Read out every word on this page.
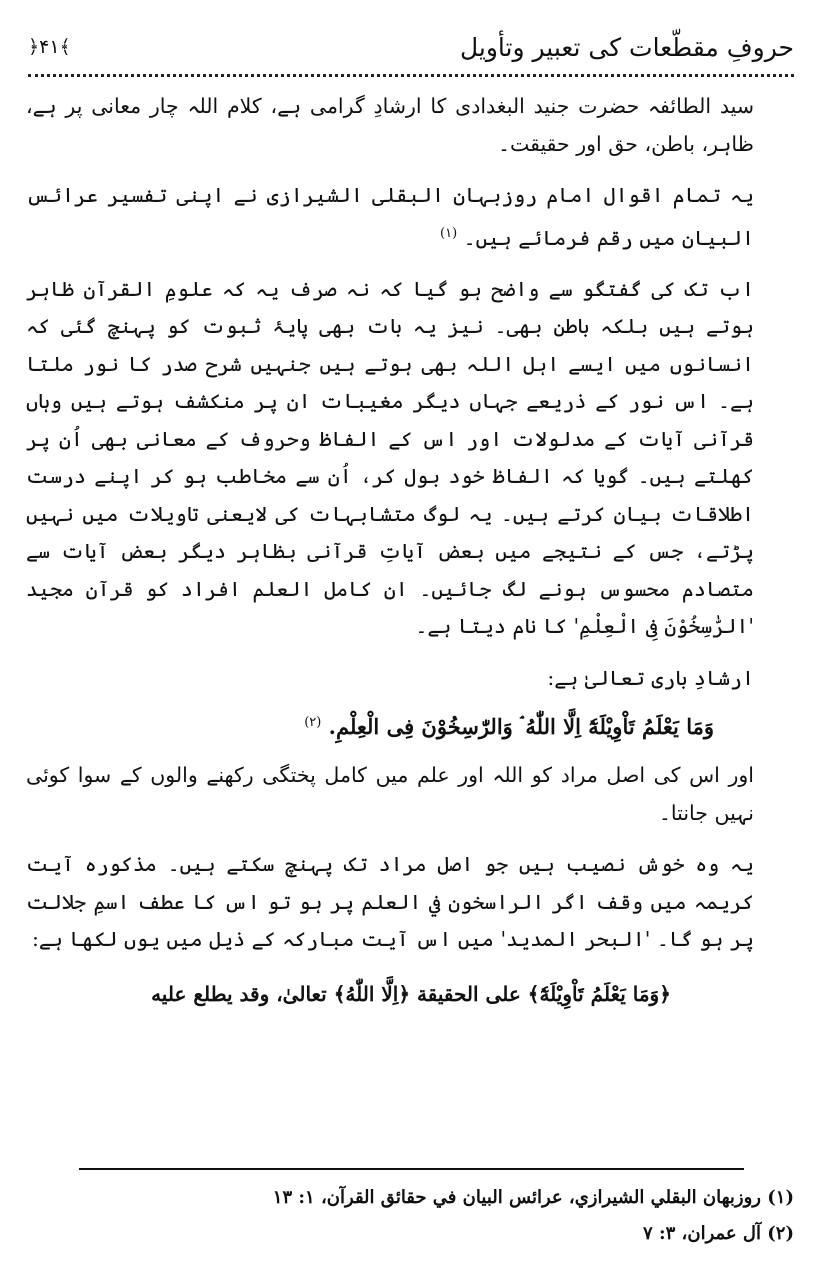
﴿۴۱﴾	حروفِ مقطّعات کی تعبیر وتأویل

سید الطائفہ حضرت جنید البغدادی کا ارشادِ گرامی ہے، کلام اللہ چار معانی پر ہے، ظاہر، باطن، حق اور حقیقت۔

یہ تمام اقوال امام روزبہان البقلی الشیرازی نے اپنی تفسیر عرائس البیان میں رقم فرمائے ہیں۔ $^{(۱)}$

اب تک کی گفتگو سے واضح ہو گیا کہ نہ صرف یہ کہ علومِ القرآن ظاہر ہوتے ہیں بلکہ باطن بھی۔ نیز یہ بات بھی پایۂ ثبوت کو پہنچ گئی کہ انسانوں میں ایسے اہل اللہ بھی ہوتے ہیں جنہیں شرح صدر کا نور ملتا ہے۔ اس نور کے ذریعے جہاں دیگر مغیبات ان پر منکشف ہوتے ہیں وہاں قرآنی آیات کے مدلولات اور اس کے الفاظ وحروف کے معانی بھی اُن پر کھلتے ہیں۔ گویا کہ الفاظ خود بول کر، اُن سے مخاطب ہو کر اپنے درست اطلاقات بیان کرتے ہیں۔ یہ لوگ متشابہات کی لایعنی تاویلات میں نہیں پڑتے، جس کے نتیجے میں بعض آیاتِ قرآنی بظاہر دیگر بعض آیات سے متصادم محسوس ہونے لگ جائیں۔ ان کامل العلم افراد کو قرآن مجید 'الرّٰسِخُوْنَ فِی الْعِلْمِ' کا نام دیتا ہے۔

ارشادِ باری تعالیٰ ہے:

وَمَا يَعْلَمُ تَاْوِيْلَهٗٓ اِلَّا اللّٰهُ ۘ وَالرّٰسِخُوْنَ فِی الْعِلْمِ. $^{(۲)}$

اور اس کی اصل مراد کو اللہ اور علم میں کامل پختگی رکھنے والوں کے سوا کوئی نہیں جانتا۔

یہ وہ خوش نصیب ہیں جو اصل مراد تک پہنچ سکتے ہیں۔ مذکورہ آیت کریمہ میں وقف اگر الراسخون في العلم پر ہو تو اس کا عطف اسمِ جلالت پر ہو گا۔ 'البحر المدید' میں اس آیت مبارکہ کے ذیل میں یوں لکھا ہے:

﴿وَمَا يَعْلَمُ تَاْوِيْلَهٗٓ﴾ على الحقيقة ﴿اِلَّا اللّٰهُ﴾ تعالیٰ، وقد يطلع عليه

(۱) روزبهان البقلي الشيرازي، عرائس البيان في حقائق القرآن، ۱: ۱۳
(۲) آل عمران، ۳: ۷
